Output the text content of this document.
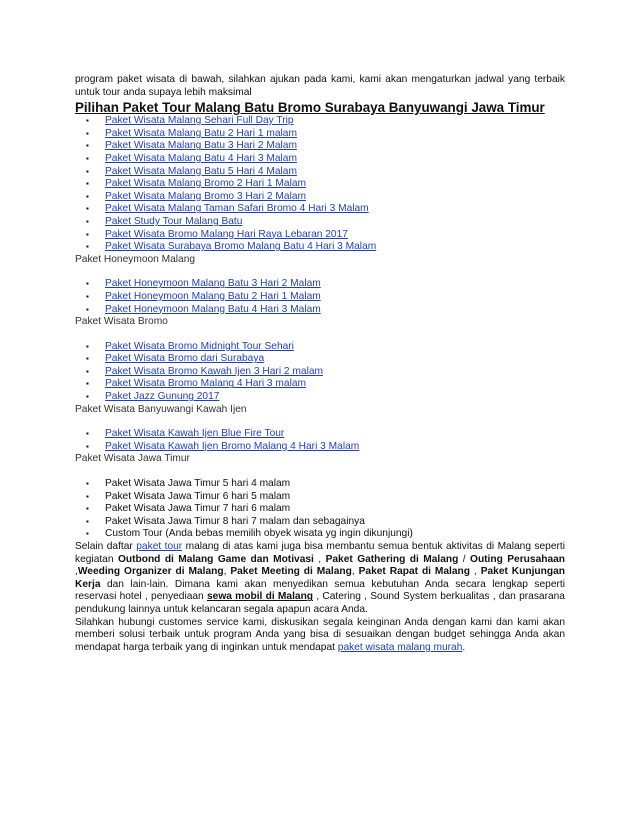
program paket wisata di bawah, silahkan ajukan pada kami, kami akan mengaturkan jadwal yang terbaik untuk tour anda supaya lebih maksimal

Pilihan Paket Tour Malang Batu Bromo Surabaya Banyuwangi Jawa Timur

▪ Paket Wisata Malang Sehari Full Day Trip
▪ Paket Wisata Malang Batu 2 Hari 1 malam
▪ Paket Wisata Malang Batu 3 Hari 2 Malam
▪ Paket Wisata Malang Batu 4 Hari 3 Malam
▪ Paket Wisata Malang Batu 5 Hari 4 Malam
▪ Paket Wisata Malang Bromo 2 Hari 1 Malam
▪ Paket Wisata Malang Bromo 3 Hari 2 Malam
▪ Paket Wisata Malang Taman Safari Bromo 4 Hari 3 Malam
▪ Paket Study Tour Malang Batu
▪ Paket Wisata Bromo Malang Hari Raya Lebaran 2017
▪ Paket Wisata Surabaya Bromo Malang Batu 4 Hari 3 Malam

Paket Honeymoon Malang

▪ Paket Honeymoon Malang Batu 3 Hari 2 Malam
▪ Paket Honeymoon Malang Batu 2 Hari 1 Malam
▪ Paket Honeymoon Malang Batu 4 Hari 3 Malam

Paket Wisata Bromo

▪ Paket Wisata Bromo Midnight Tour Sehari
▪ Paket Wisata Bromo dari Surabaya
▪ Paket Wisata Bromo Kawah Ijen 3 Hari 2 malam
▪ Paket Wisata Bromo Malang 4 Hari 3 malam
▪ Paket Jazz Gunung 2017

Paket Wisata Banyuwangi Kawah Ijen

▪ Paket Wisata Kawah Ijen Blue Fire Tour
▪ Paket Wisata Kawah Ijen Bromo Malang 4 Hari 3 Malam

Paket Wisata Jawa Timur

▪ Paket Wisata Jawa Timur 5 hari 4 malam
▪ Paket Wisata Jawa Timur 6 hari 5 malam
▪ Paket Wisata Jawa Timur 7 hari 6 malam
▪ Paket Wisata Jawa Timur 8 hari 7 malam dan sebagainya
▪ Custom Tour (Anda bebas memilih obyek wisata yg ingin dikunjungi)

Selain daftar paket tour malang di atas kami juga bisa membantu semua bentuk aktivitas di Malang seperti kegiatan Outbond di Malang Game dan Motivasi , Paket Gathering di Malang / Outing Perusahaan ,Weeding Organizer di Malang, Paket Meeting di Malang, Paket Rapat di Malang , Paket Kunjungan Kerja dan lain-lain. Dimana kami akan menyedikan semua kebutuhan Anda secara lengkap seperti reservasi hotel , penyediaan sewa mobil di Malang , Catering , Sound System berkualitas , dan prasarana pendukung lainnya untuk kelancaran segala apapun acara Anda.

Silahkan hubungi customes service kami, diskusikan segala keinginan Anda dengan kami dan kami akan memberi solusi terbaik untuk program Anda yang bisa di sesuaikan dengan budget sehingga Anda akan mendapat harga terbaik yang di inginkan untuk mendapat paket wisata malang murah.
